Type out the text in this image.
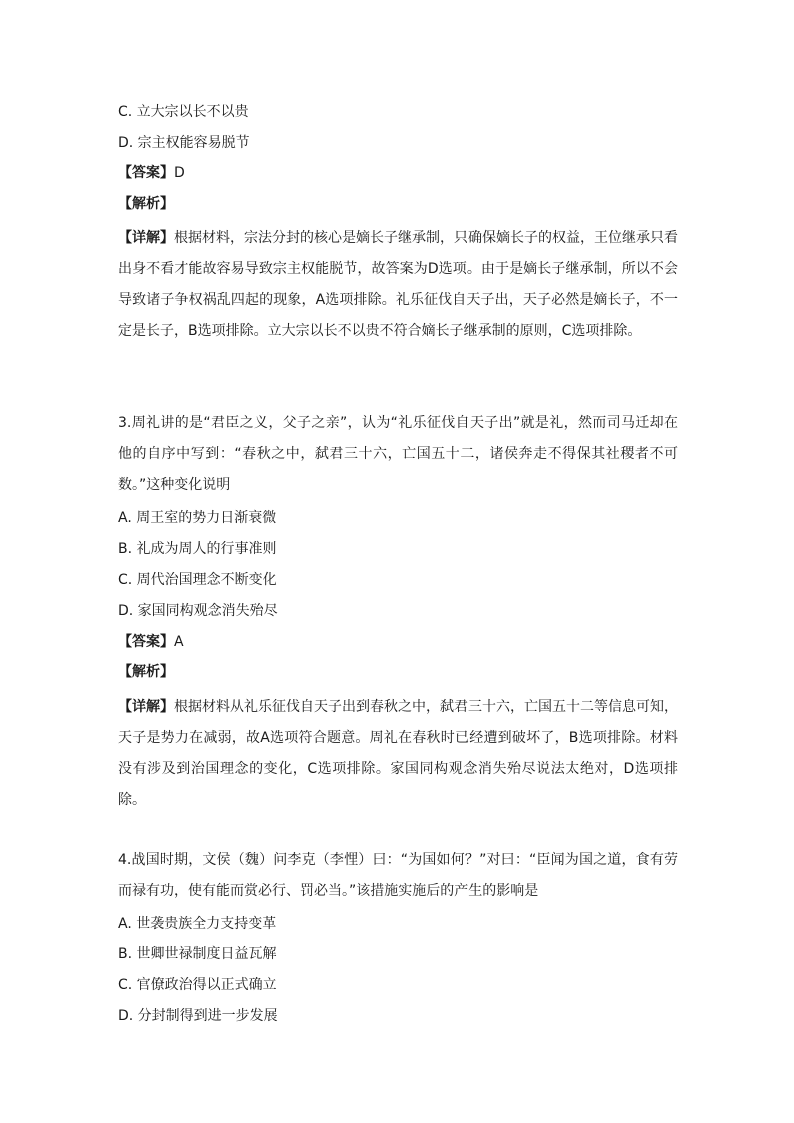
C. 立大宗以长不以贵
D. 宗主权能容易脱节
【答案】D
【解析】
【详解】根据材料，宗法分封的核心是嫡长子继承制，只确保嫡长子的权益，王位继承只看出身不看才能故容易导致宗主权能脱节，故答案为D选项。由于是嫡长子继承制，所以不会导致诸子争权祸乱四起的现象，A选项排除。礼乐征伐自天子出，天子必然是嫡长子，不一定是长子，B选项排除。立大宗以长不以贵不符合嫡长子继承制的原则，C选项排除。
3.周礼讲的是“君臣之义，父子之亲”，认为“礼乐征伐自天子出”就是礼，然而司马迁却在他的自序中写到：“春秋之中，弑君三十六，亡国五十二，诸侯奔走不得保其社稷者不可数。”这种变化说明
A. 周王室的势力日渐衰微
B. 礼成为周人的行事准则
C. 周代治国理念不断变化
D. 家国同构观念消失殆尽
【答案】A
【解析】
【详解】根据材料从礼乐征伐自天子出到春秋之中，弑君三十六，亡国五十二等信息可知，天子是势力在减弱，故A选项符合题意。周礼在春秋时已经遭到破坏了，B选项排除。材料没有涉及到治国理念的变化，C选项排除。家国同构观念消失殆尽说法太绝对，D选项排除。
4.战国时期，文侯（魏）问李克（李悝）曰：“为国如何？”对曰：“臣闻为国之道，食有劳而禄有功，使有能而赏必行、罚必当。”该措施实施后的产生的影响是
A. 世袭贵族全力支持变革
B. 世卿世禄制度日益瓦解
C. 官僚政治得以正式确立
D. 分封制得到进一步发展
